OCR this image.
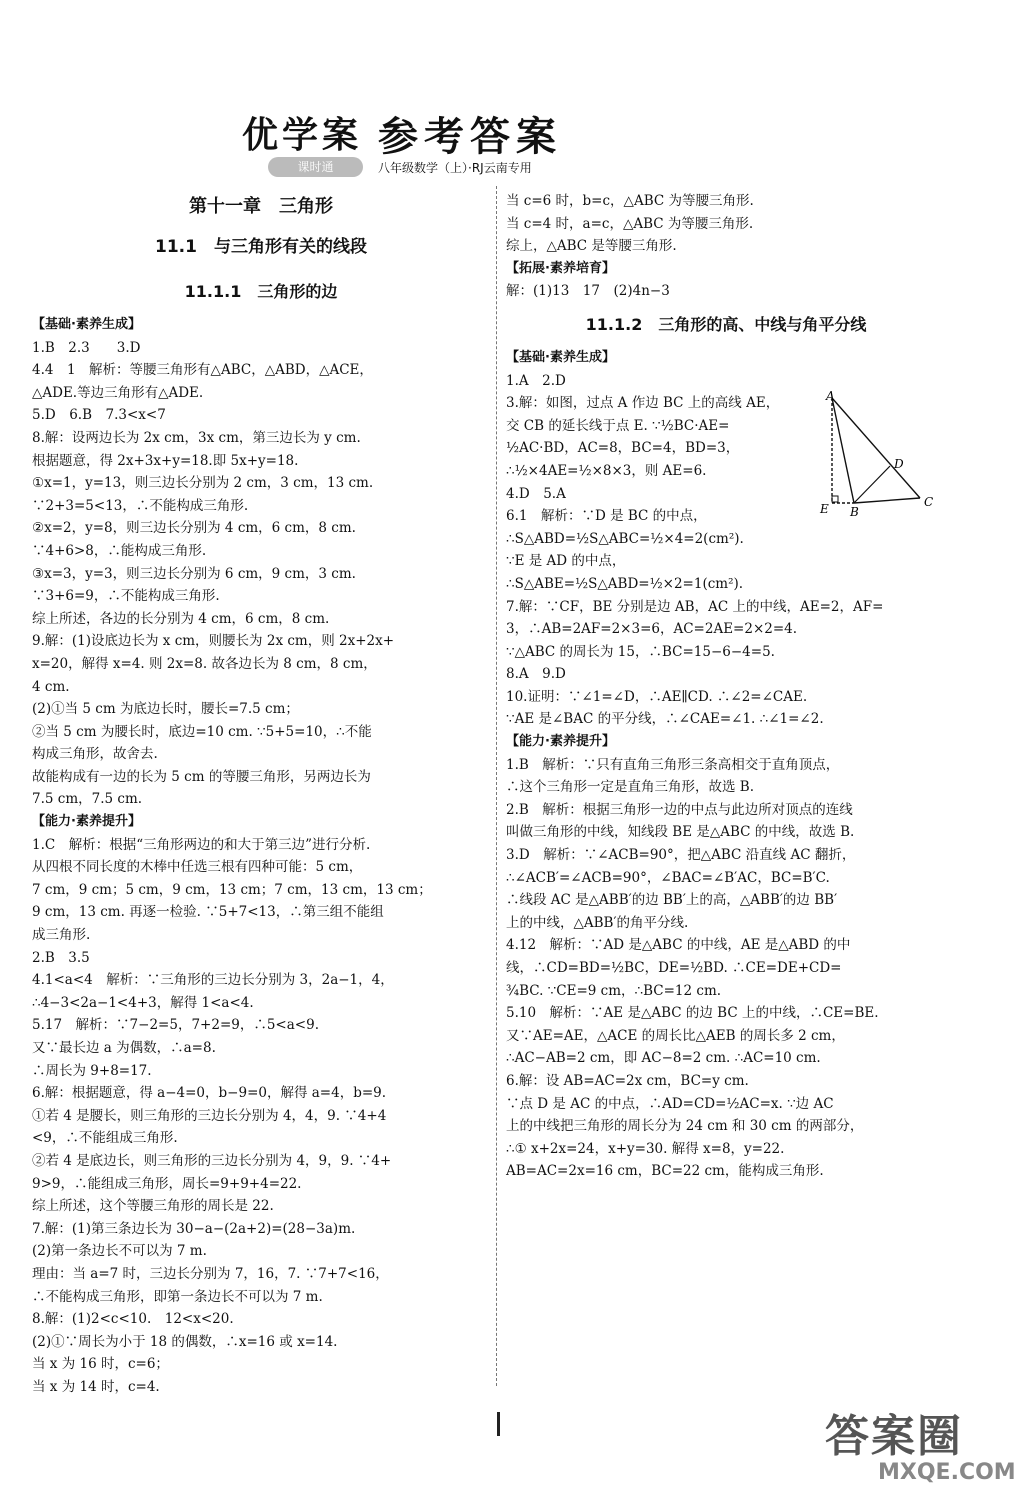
优学案 参考答案
课时通	八年级数学（上）·RJ云南专用
第十一章　三角形
11.1　与三角形有关的线段
11.1.1　三角形的边
【基础·素养生成】
1.B　2.3　　3.D
4.4　1　解析：等腰三角形有△ABC，△ABD，△ACE，
△ADE.等边三角形有△ADE.
5.D　6.B　7.3<x<7
8.解：设两边长为 2x cm，3x cm，第三边长为 y cm.
根据题意，得 2x+3x+y=18.即 5x+y=18.
①x=1，y=13，则三边长分别为 2 cm，3 cm，13 cm.
∵2+3=5<13，∴不能构成三角形.
②x=2，y=8，则三边长分别为 4 cm，6 cm，8 cm.
∵4+6>8，∴能构成三角形.
③x=3，y=3，则三边长分别为 6 cm，9 cm，3 cm.
∵3+6=9，∴不能构成三角形.
综上所述，各边的长分别为 4 cm，6 cm，8 cm.
9.解：(1)设底边长为 x cm，则腰长为 2x cm，则 2x+2x+
x=20，解得 x=4. 则 2x=8. 故各边长为 8 cm，8 cm，
4 cm.
(2)①当 5 cm 为底边长时，腰长=7.5 cm；
②当 5 cm 为腰长时，底边=10 cm. ∵5+5=10，∴不能
构成三角形，故舍去.
故能构成有一边的长为 5 cm 的等腰三角形，另两边长为
7.5 cm，7.5 cm.
【能力·素养提升】
1.C　解析：根据“三角形两边的和大于第三边”进行分析.
从四根不同长度的木棒中任选三根有四种可能：5 cm，
7 cm，9 cm；5 cm，9 cm，13 cm；7 cm，13 cm，13 cm；
9 cm，13 cm. 再逐一检验. ∵5+7<13，∴第三组不能组
成三角形.
2.B　3.5
4.1<a<4　解析：∵三角形的三边长分别为 3，2a−1，4，
∴4−3<2a−1<4+3，解得 1<a<4.
5.17　解析：∵7−2=5，7+2=9，∴5<a<9.
又∵最长边 a 为偶数，∴a=8.
∴周长为 9+8=17.
6.解：根据题意，得 a−4=0，b−9=0，解得 a=4，b=9.
①若 4 是腰长，则三角形的三边长分别为 4，4，9. ∵4+4
<9，∴不能组成三角形.
②若 4 是底边长，则三角形的三边长分别为 4，9，9. ∵4+
9>9，∴能组成三角形，周长=9+9+4=22.
综上所述，这个等腰三角形的周长是 22.
7.解：(1)第三条边长为 30−a−(2a+2)=(28−3a)m.
(2)第一条边长不可以为 7 m.
理由：当 a=7 时，三边长分别为 7，16，7. ∵7+7<16，
∴不能构成三角形，即第一条边长不可以为 7 m.
8.解：(1)2<c<10.　12<x<20.
(2)①∵周长为小于 18 的偶数，∴x=16 或 x=14.
当 x 为 16 时，c=6；
当 x 为 14 时，c=4.
当 c=6 时，b=c，△ABC 为等腰三角形.
当 c=4 时，a=c，△ABC 为等腰三角形.
综上，△ABC 是等腰三角形.
【拓展·素养培育】
解：(1)13　17　(2)4n−3
11.1.2　三角形的高、中线与角平分线
【基础·素养生成】
1.A　2.D
3.解：如图，过点 A 作边 BC 上的高线 AE，
交 CB 的延长线于点 E. ∵½BC·AE=
½AC·BD，AC=8，BC=4，BD=3，
∴½×4AE=½×8×3，则 AE=6.
4.D　5.A
6.1　解析：∵D 是 BC 的中点，
∴S△ABD=½S△ABC=½×4=2(cm²).
∵E 是 AD 的中点，
∴S△ABE=½S△ABD=½×2=1(cm²).
7.解：∵CF，BE 分别是边 AB，AC 上的中线，AE=2，AF=
3，∴AB=2AF=2×3=6，AC=2AE=2×2=4.
∵△ABC 的周长为 15，∴BC=15−6−4=5.
8.A　9.D
10.证明：∵∠1=∠D，∴AE∥CD. ∴∠2=∠CAE.
∵AE 是∠BAC 的平分线，∴∠CAE=∠1. ∴∠1=∠2.
【能力·素养提升】
1.B　解析：∵只有直角三角形三条高相交于直角顶点，
∴这个三角形一定是直角三角形，故选 B.
2.B　解析：根据三角形一边的中点与此边所对顶点的连线
叫做三角形的中线，知线段 BE 是△ABC 的中线，故选 B.
3.D　解析：∵∠ACB=90°，把△ABC 沿直线 AC 翻折，
∴∠ACB′=∠ACB=90°，∠BAC=∠B′AC，BC=B′C.
∴线段 AC 是△ABB′的边 BB′上的高，△ABB′的边 BB′
上的中线，△ABB′的角平分线.
4.12　解析：∵AD 是△ABC 的中线，AE 是△ABD 的中
线，∴CD=BD=½BC，DE=½BD. ∴CE=DE+CD=
¾BC. ∵CE=9 cm，∴BC=12 cm.
5.10　解析：∵AE 是△ABC 的边 BC 上的中线，∴CE=BE.
又∵AE=AE，△ACE 的周长比△AEB 的周长多 2 cm，
∴AC−AB=2 cm，即 AC−8=2 cm. ∴AC=10 cm.
6.解：设 AB=AC=2x cm，BC=y cm.
∵点 D 是 AC 的中点，∴AD=CD=½AC=x. ∵边 AC
上的中线把三角形的周长分为 24 cm 和 30 cm 的两部分，
∴① x+2x=24，x+y=30. 解得 x=8，y=22.
AB=AC=2x=16 cm，BC=22 cm，能构成三角形.
A
D
E B
C
答案圈
MXQE.COM
